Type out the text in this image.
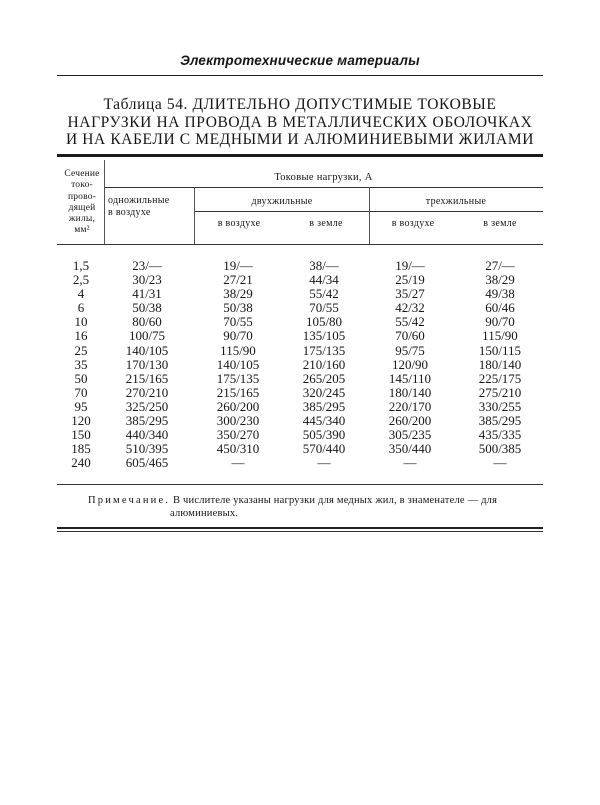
Электротехнические материалы
Таблица 54. ДЛИТЕЛЬНО ДОПУСТИМЫЕ ТОКОВЫЕ
НАГРУЗКИ НА ПРОВОДА В МЕТАЛЛИЧЕСКИХ ОБОЛОЧКАХ
И НА КАБЕЛИ С МЕДНЫМИ И АЛЮМИНИЕВЫМИ ЖИЛАМИ
Сечение
токо-
прово-
дящей
жилы,
мм²
Токовые нагрузки, А
одножильные
в воздухе
двухжильные	трехжильные
в воздухе	в земле	в воздухе	в земле
1,5	23/—	19/—	38/—	19/—	27/—
2,5	30/23	27/21	44/34	25/19	38/29
4	41/31	38/29	55/42	35/27	49/38
6	50/38	50/38	70/55	42/32	60/46
10	80/60	70/55	105/80	55/42	90/70
16	100/75	90/70	135/105	70/60	115/90
25	140/105	115/90	175/135	95/75	150/115
35	170/130	140/105	210/160	120/90	180/140
50	215/165	175/135	265/205	145/110	225/175
70	270/210	215/165	320/245	180/140	275/210
95	325/250	260/200	385/295	220/170	330/255
120	385/295	300/230	445/340	260/200	385/295
150	440/340	350/270	505/390	305/235	435/335
185	510/395	450/310	570/440	350/440	500/385
240	605/465	—	—	—	—
Примечание. В числителе указаны нагрузки для медных жил, в знаменателе — для
алюминиевых.
